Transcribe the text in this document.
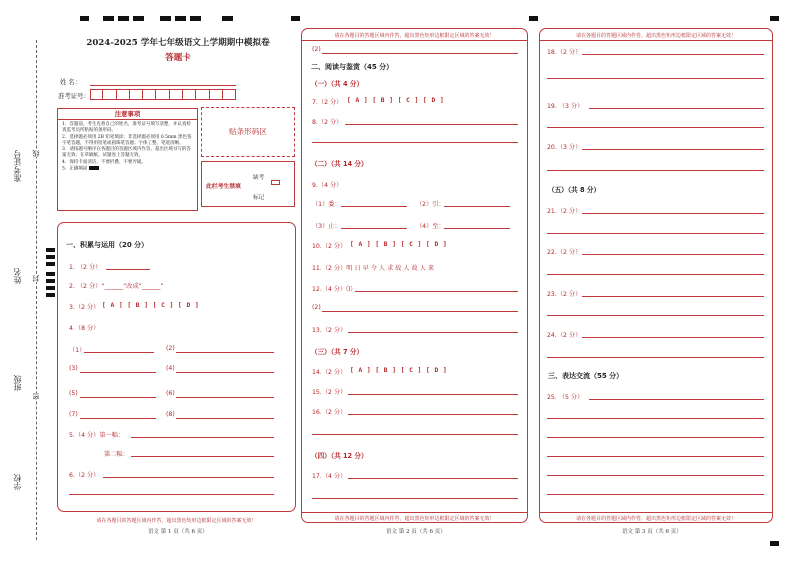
准考证号
姓名
班级
学校
线
封
密
2024-2025 学年七年级语文上学期期中模拟卷
答题卡
姓 名：
准考证号：
注意事项
1．答题前，考生先将自己的姓名，准考证号填写清楚，并认真检查监考员所粘贴的条形码。
2．选择题必须用 2B 铅笔填涂；非选择题必须用 0.5mm 黑色签字笔答题，不得用铅笔或圆珠笔答题；字体工整、笔迹清晰。
3．请按题号顺序在各题目的答题区域内作答，超出区域书写的答案无效；在草稿纸、试题卷上答题无效。
4．保持卡面清洁，不要折叠、不要弄破。
5．正确填涂
贴条形码区
此栏考生禁填
缺考
标记
一、积累与运用（20 分）
1. （2 分）
2. （2 分）“______”改成“______”
3.（2 分） [ A ] [ B ] [ C ] [ D ]
4.（8 分）
（1）	(2)
(3)	(4)
(5)	(6)
(7)	(8)
5.（4 分）第一幅：
第二幅：
6.（2 分）
请在各题目的答题区域内作答，超出黑色矩形边框限定区域的答案无效！
语文 第 1 页（共 6 页）
请在各题目的答题区域内作答，超出黑色矩形边框限定区域的答案无效！
(2)
二、阅读与鉴赏（45 分）
（一）（共 4 分）
7.（2 分） [ A ] [ B ] [ C ] [ D ]
8.（2 分）
（二）（共 14 分）
9.（4 分）
（1）委：	（2）引：
（3）止：	（4）至：
10.（2 分） [ A ] [ B ] [ C ] [ D ]
11.（2 分）明 日 早 令 人 求 故 人 故 人 来
12.（4 分）⑴
(2)
13.（2 分）
（三）（共 7 分）
14.（2 分） [ A ] [ B ] [ C ] [ D ]
15.（2 分）
16.（2 分）
（四）（共 12 分）
17.（4 分）
请在各题目的答题区域内作答，超出黑色矩形边框限定区域的答案无效！
语文 第 2 页（共 6 页）
请在各题目的答题区域内作答，超出黑色矩形边框限定区域的答案无效！
18.（2 分）
19. （3 分）
20.（3 分）
（五）（共 8 分）
21.（2 分）
22.（2 分）
23.（2 分）
24.（2 分）
三、表达交流（55 分）
25. （5 分）
请在各题目的答题区域内作答，超出黑色矩形边框限定区域的答案无效！
语文 第 3 页（共 6 页）
